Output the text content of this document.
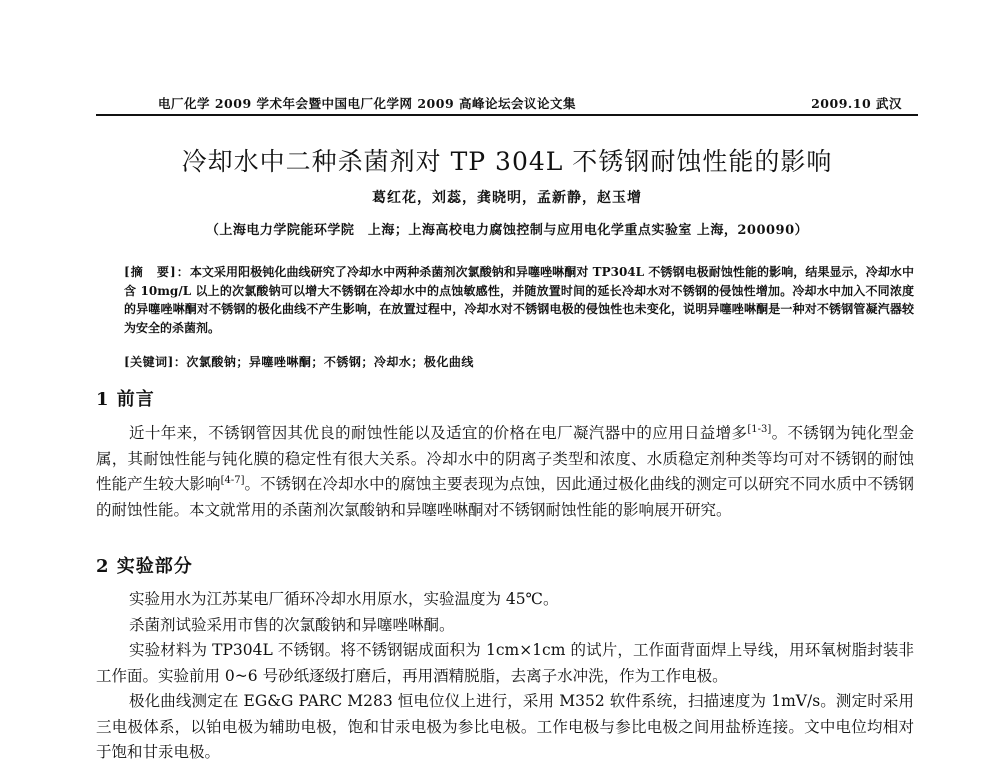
电厂化学 2009 学术年会暨中国电厂化学网 2009 高峰论坛会议论文集	2009.10 武汉
冷却水中二种杀菌剂对 TP 304L 不锈钢耐蚀性能的影响
葛红花，刘蕊，龚晓明，孟新静，赵玉增
（上海电力学院能环学院　上海；上海高校电力腐蚀控制与应用电化学重点实验室 上海，200090）
[摘　要]：本文采用阳极钝化曲线研究了冷却水中两种杀菌剂次氯酸钠和异噻唑啉酮对 TP304L 不锈钢电极耐蚀性能的影响，结果显示，冷却水中含 10mg/L 以上的次氯酸钠可以增大不锈钢在冷却水中的点蚀敏感性，并随放置时间的延长冷却水对不锈钢的侵蚀性增加。冷却水中加入不同浓度的异噻唑啉酮对不锈钢的极化曲线不产生影响，在放置过程中，冷却水对不锈钢电极的侵蚀性也未变化，说明异噻唑啉酮是一种对不锈钢管凝汽器较为安全的杀菌剂。
[关键词]：次氯酸钠；异噻唑啉酮；不锈钢；冷却水；极化曲线
1 前言
近十年来，不锈钢管因其优良的耐蚀性能以及适宜的价格在电厂凝汽器中的应用日益增多[1-3]。不锈钢为钝化型金属，其耐蚀性能与钝化膜的稳定性有很大关系。冷却水中的阴离子类型和浓度、水质稳定剂种类等均可对不锈钢的耐蚀性能产生较大影响[4-7]。不锈钢在冷却水中的腐蚀主要表现为点蚀，因此通过极化曲线的测定可以研究不同水质中不锈钢的耐蚀性能。本文就常用的杀菌剂次氯酸钠和异噻唑啉酮对不锈钢耐蚀性能的影响展开研究。
2 实验部分
实验用水为江苏某电厂循环冷却水用原水，实验温度为 45℃。
杀菌剂试验采用市售的次氯酸钠和异噻唑啉酮。
实验材料为 TP304L 不锈钢。将不锈钢锯成面积为 1cm×1cm 的试片，工作面背面焊上导线，用环氧树脂封装非工作面。实验前用 0~6 号砂纸逐级打磨后，再用酒精脱脂，去离子水冲洗，作为工作电极。
极化曲线测定在 EG&G PARC M283 恒电位仪上进行，采用 M352 软件系统，扫描速度为 1mV/s。测定时采用三电极体系，以铂电极为辅助电极，饱和甘汞电极为参比电极。工作电极与参比电极之间用盐桥连接。文中电位均相对于饱和甘汞电极。
